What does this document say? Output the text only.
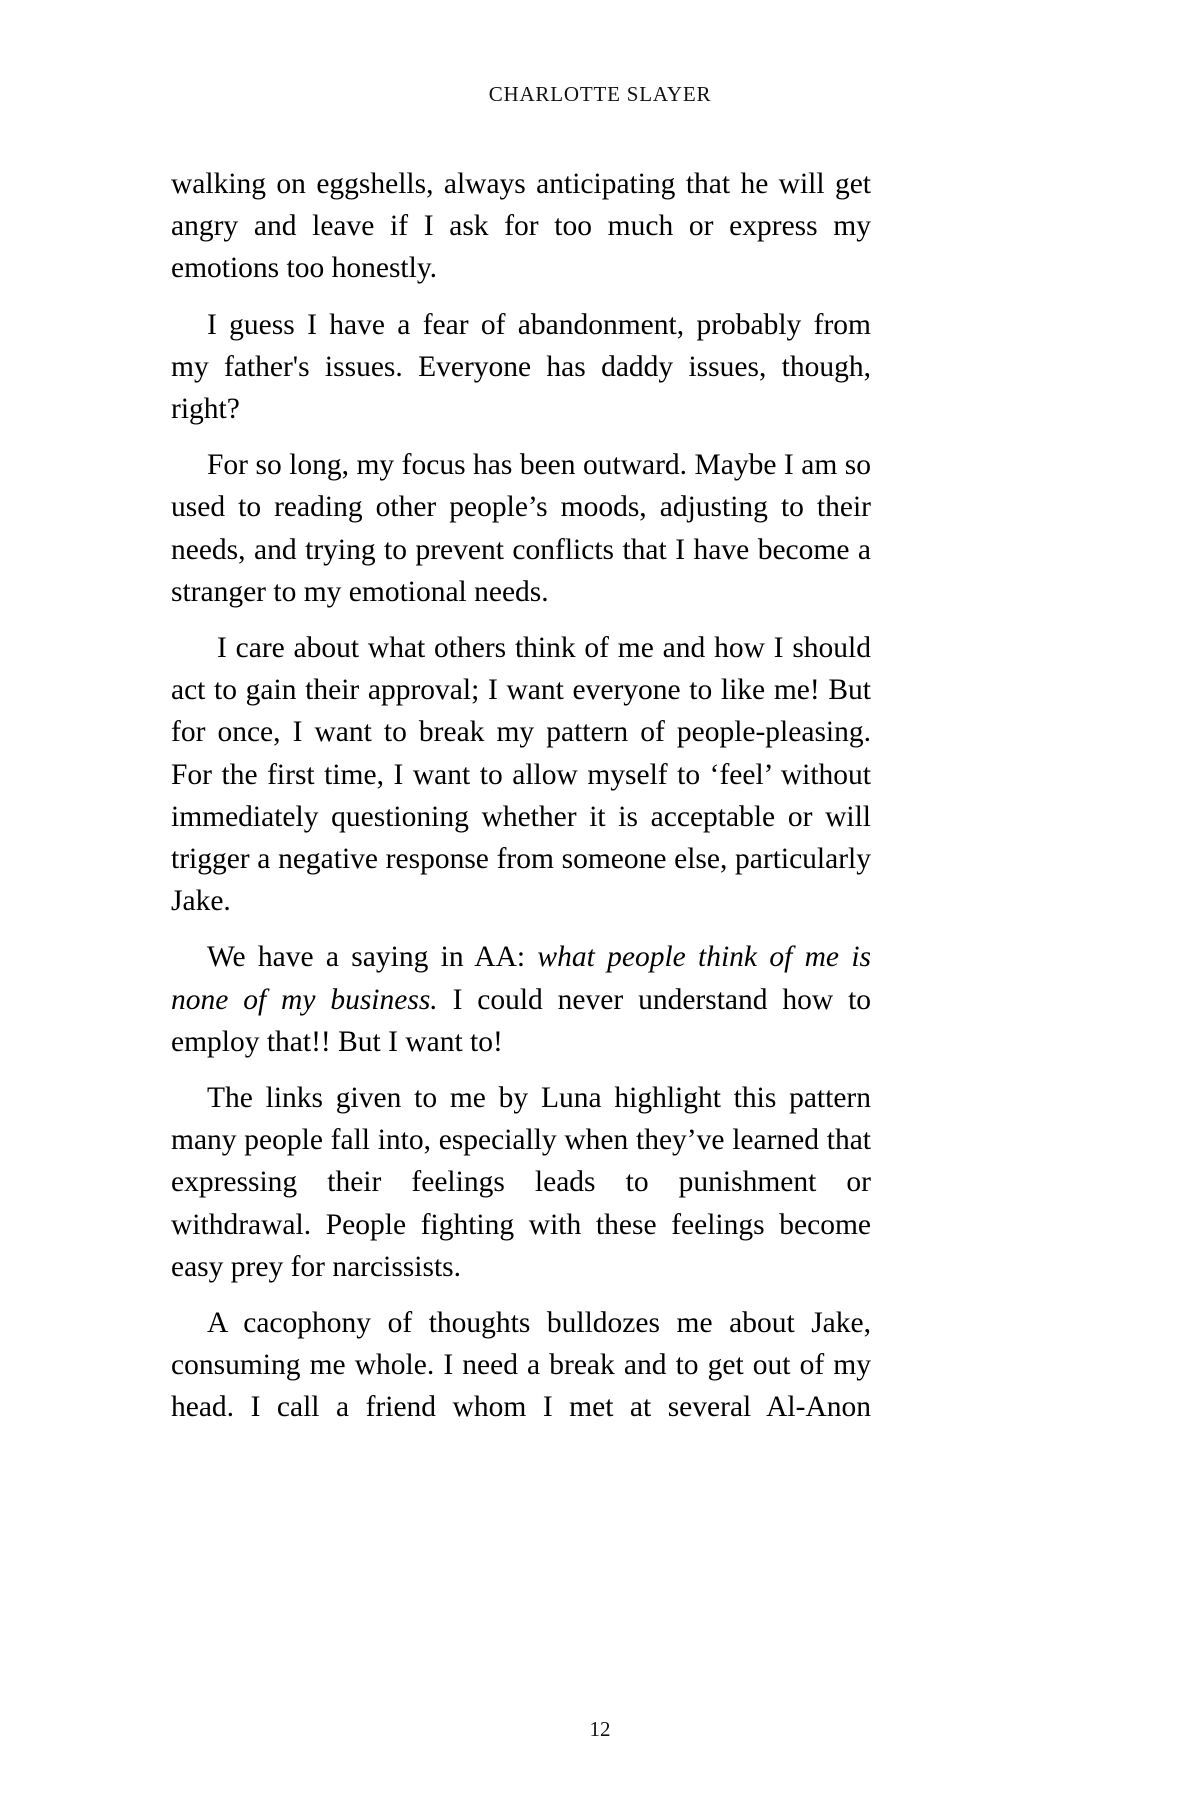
CHARLOTTE SLAYER

walking on eggshells, always anticipating that he will get angry and leave if I ask for too much or express my emotions too honestly.

I guess I have a fear of abandonment, probably from my father's issues. Everyone has daddy issues, though, right?

For so long, my focus has been outward. Maybe I am so used to reading other people’s moods, adjusting to their needs, and trying to prevent conflicts that I have become a stranger to my emotional needs.

I care about what others think of me and how I should act to gain their approval; I want everyone to like me! But for once, I want to break my pattern of people-pleasing. For the first time, I want to allow myself to ‘feel’ without immediately questioning whether it is acceptable or will trigger a negative response from someone else, particularly Jake.

We have a saying in AA: what people think of me is none of my business. I could never understand how to employ that!! But I want to!

The links given to me by Luna highlight this pattern many people fall into, especially when they’ve learned that expressing their feelings leads to punishment or withdrawal. People fighting with these feelings become easy prey for narcissists.

A cacophony of thoughts bulldozes me about Jake, consuming me whole. I need a break and to get out of my head. I call a friend whom I met at several Al-Anon

12
